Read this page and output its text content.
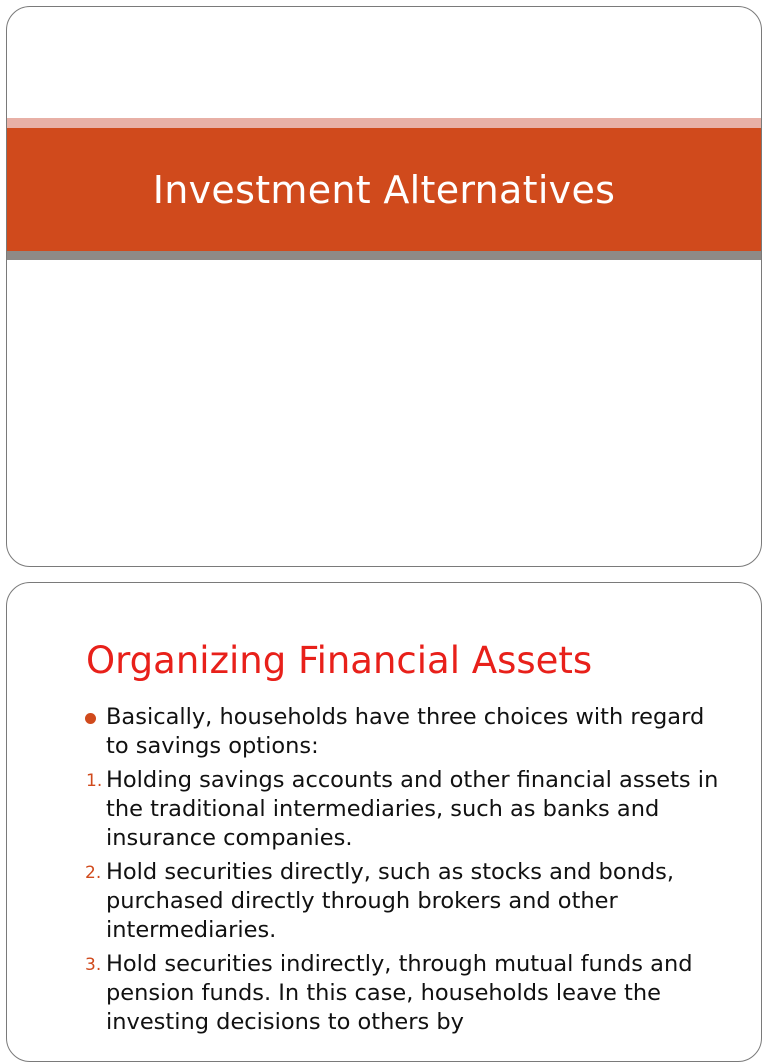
Investment Alternatives
Organizing Financial Assets
Basically, households have three choices with regard to savings options:
1. Holding savings accounts and other financial assets in the traditional intermediaries, such as banks and insurance companies.
2. Hold securities directly, such as stocks and bonds, purchased directly through brokers and other intermediaries.
3. Hold securities indirectly, through mutual funds and pension funds. In this case, households leave the investing decisions to others by
